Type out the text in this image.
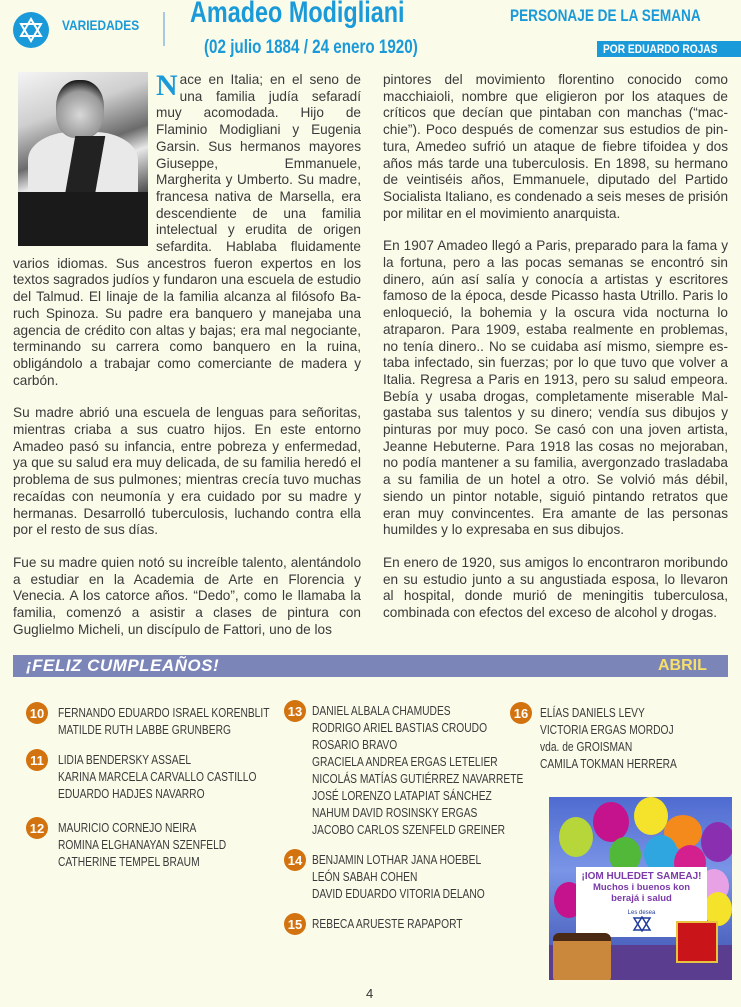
VARIEDADES Amadeo Modigliani
(02 julio 1884 / 24 enero 1920)
PERSONAJE DE LA SEMANA
POR EDUARDO ROJAS

Nace en Italia; en el seno de una familia judía sefaradí muy acomodada. Hijo de Flaminio Modigliani y Eugenia Garsin. Sus hermanos mayores Giuseppe, Emmanuele, Margherita y Umberto. Su madre, francesa nativa de Marsella, era descendiente de una familia intelectual y erudita de origen sefardita. Hablaba fluidamente varios idiomas. Sus ancestros fueron expertos en los textos sagrados judíos y fundaron una escuela de estudio del Talmud. El linaje de la familia alcanza al filósofo Baruch Spinoza. Su padre era banquero y manejaba una agencia de crédito con altas y bajas; era mal negociante, terminando su carrera como banquero en la ruina, obligándolo a trabajar como comerciante de madera y carbón.

Su madre abrió una escuela de lenguas para señoritas, mientras criaba a sus cuatro hijos. En este entorno Amadeo pasó su infancia, entre pobreza y enfermedad, ya que su salud era muy delicada, de su familia heredó el problema de sus pulmones; mientras crecía tuvo muchas recaídas con neumonía y era cuidado por su madre y hermanas. Desarrolló tuberculosis, luchando contra ella por el resto de sus días.

Fue su madre quien notó su increíble talento, alentándolo a estudiar en la Academia de Arte en Florencia y Venecia. A los catorce años. “Dedo”, como le llamaba la familia, comenzó a asistir a clases de pintura con Guglielmo Micheli, un discípulo de Fattori, uno de los

pintores del movimiento florentino conocido como macchiaioli, nombre que eligieron por los ataques de críticos que decían que pintaban con manchas (“macchie”). Poco después de comenzar sus estudios de pintura, Amedeo sufrió un ataque de fiebre tifoidea y dos años más tarde una tuberculosis. En 1898, su hermano de veintiséis años, Emmanuele, diputado del Partido Socialista Italiano, es condenado a seis meses de prisión por militar en el movimiento anarquista.

En 1907 Amadeo llegó a Paris, preparado para la fama y la fortuna, pero a las pocas semanas se encontró sin dinero, aún así salía y conocía a artistas y escritores famoso de la época, desde Picasso hasta Utrillo. Paris lo enloqueció, la bohemia y la oscura vida nocturna lo atraparon. Para 1909, estaba realmente en problemas, no tenía dinero.. No se cuidaba así mismo, siempre estaba infectado, sin fuerzas; por lo que tuvo que volver a Italia. Regresa a Paris en 1913, pero su salud empeora. Bebía y usaba drogas, completamente miserable Malgastaba sus talentos y su dinero; vendía sus dibujos y pinturas por muy poco. Se casó con una joven artista, Jeanne Hebuterne. Para 1918 las cosas no mejoraban, no podía mantener a su familia, avergonzado trasladaba a su familia de un hotel a otro. Se volvió más débil, siendo un pintor notable, siguió pintando retratos que eran muy convincentes. Era amante de las personas humildes y lo expresaba en sus dibujos.

En enero de 1920, sus amigos lo encontraron moribundo en su estudio junto a su angustiada esposa, lo llevaron al hospital, donde murió de meningitis tuberculosa, combinada con efectos del exceso de alcohol y drogas.

¡FELIZ CUMPLEAÑOS!	ABRIL
10	FERNANDO EDUARDO ISRAEL KORENBLIT
MATILDE RUTH LABBE GRUNBERG
11	LIDIA BENDERSKY ASSAEL
KARINA MARCELA CARVALLO CASTILLO
EDUARDO HADJES NAVARRO
12	MAURICIO CORNEJO NEIRA
ROMINA ELGHANAYAN SZENFELD
CATHERINE TEMPEL BRAUM
13 DANIEL ALBALA CHAMUDES
RODRIGO ARIEL BASTIAS CROUDO
ROSARIO BRAVO
GRACIELA ANDREA ERGAS LETELIER
NICOLÁS MATÍAS GUTIÉRREZ NAVARRETE
JOSÉ LORENZO LATAPIAT SÁNCHEZ
NAHUM DAVID ROSINSKY ERGAS
JACOBO CARLOS SZENFELD GREINER
14 BENJAMIN LOTHAR JANA HOEBEL
LEÓN SABAH COHEN
DAVID EDUARDO VITORIA DELANO
15 REBECA ARUESTE RAPAPORT
16 ELÍAS DANIELS LEVY
VICTORIA ERGAS MORDOJ
vda. de GROISMAN
CAMILA TOKMAN HERRERA
¡IOM HULEDET SAMEAJ!
Muchos i buenos kon
berajá i salud
Les desea
4
